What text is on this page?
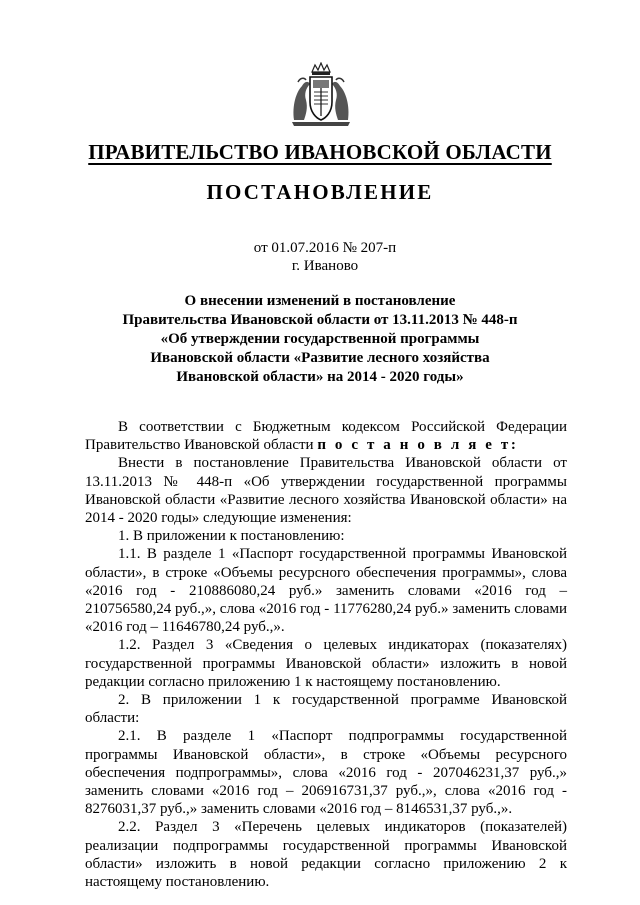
ПРАВИТЕЛЬСТВО ИВАНОВСКОЙ ОБЛАСТИ
ПОСТАНОВЛЕНИЕ
от 01.07.2016 № 207-п
г. Иваново
О внесении изменений в постановление
Правительства Ивановской области от 13.11.2013 № 448-п
«Об утверждении государственной программы
Ивановской области «Развитие лесного хозяйства
Ивановской области» на 2014 - 2020 годы»

В соответствии с Бюджетным кодексом Российской Федерации Правительство Ивановской области п о с т а н о в л я е т:

Внести в постановление Правительства Ивановской области от 13.11.2013 № 448-п «Об утверждении государственной программы Ивановской области «Развитие лесного хозяйства Ивановской области» на 2014 - 2020 годы» следующие изменения:

1. В приложении к постановлению:

1.1. В разделе 1 «Паспорт государственной программы Ивановской области», в строке «Объемы ресурсного обеспечения программы», слова «2016 год - 210886080,24 руб.» заменить словами «2016 год – 210756580,24 руб.,», слова «2016 год - 11776280,24 руб.» заменить словами «2016 год – 11646780,24 руб.,».

1.2. Раздел 3 «Сведения о целевых индикаторах (показателях) государственной программы Ивановской области» изложить в новой редакции согласно приложению 1 к настоящему постановлению.

2. В приложении 1 к государственной программе Ивановской области:

2.1. В разделе 1 «Паспорт подпрограммы государственной программы Ивановской области», в строке «Объемы ресурсного обеспечения подпрограммы», слова «2016 год - 207046231,37 руб.,» заменить словами «2016 год – 206916731,37 руб.,», слова «2016 год - 8276031,37 руб.,» заменить словами «2016 год – 8146531,37 руб.,».

2.2. Раздел 3 «Перечень целевых индикаторов (показателей) реализации подпрограммы государственной программы Ивановской области» изложить в новой редакции согласно приложению 2 к настоящему постановлению.
